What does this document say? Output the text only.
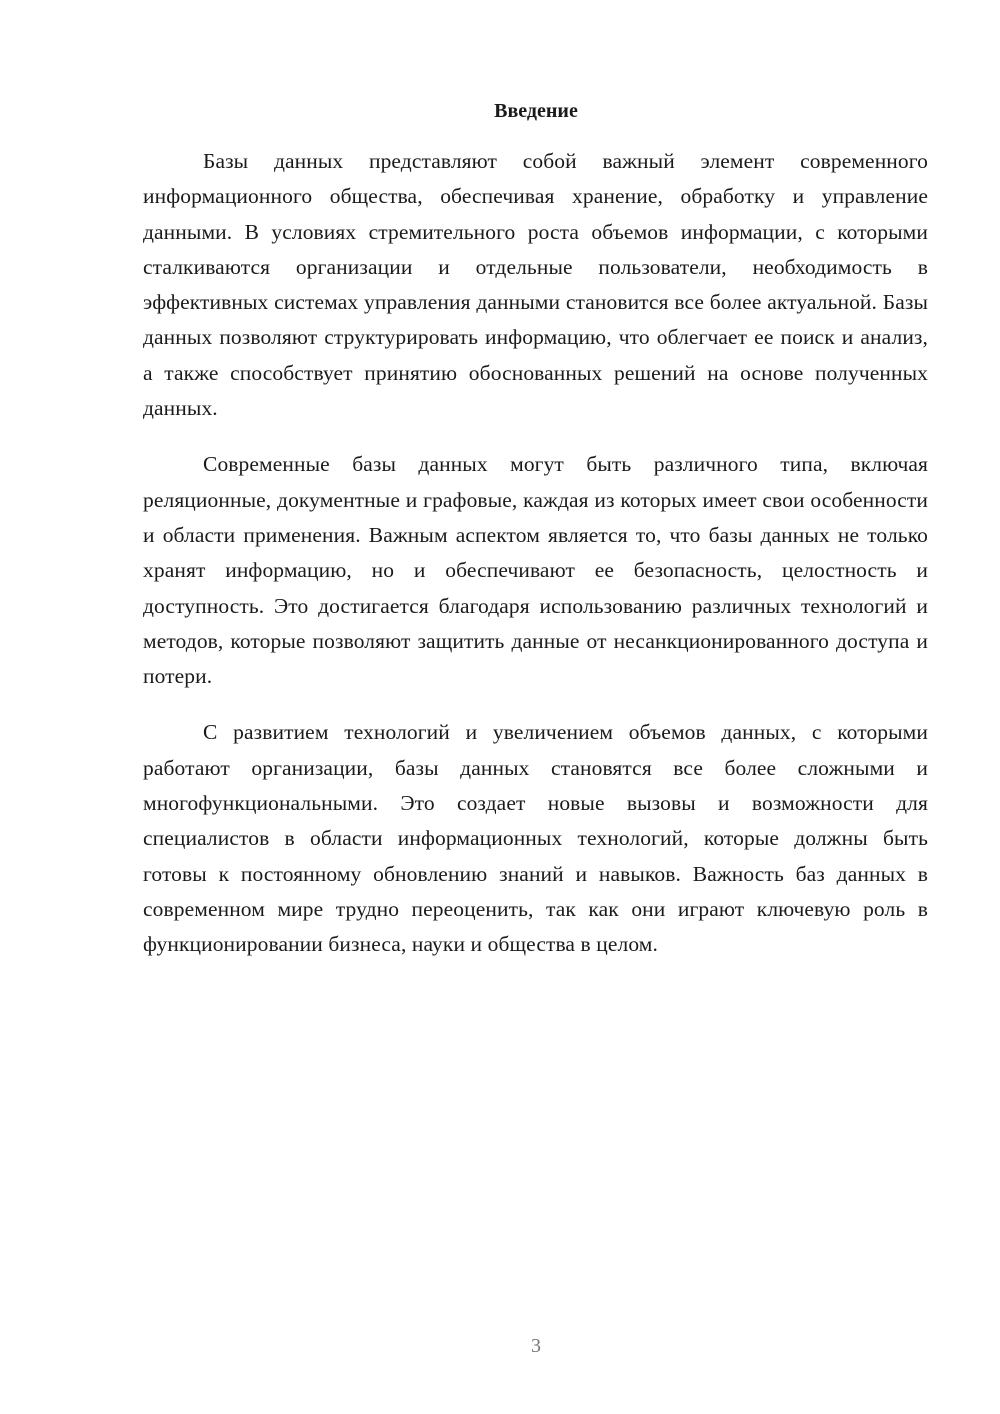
Введение

Базы данных представляют собой важный элемент современного информационного общества, обеспечивая хранение, обработку и управление данными. В условиях стремительного роста объемов информации, с которыми сталкиваются организации и отдельные пользователи, необходимость в эффективных системах управления данными становится все более актуальной. Базы данных позволяют структурировать информацию, что облегчает ее поиск и анализ, а также способствует принятию обоснованных решений на основе полученных данных.

Современные базы данных могут быть различного типа, включая реляционные, документные и графовые, каждая из которых имеет свои особенности и области применения. Важным аспектом является то, что базы данных не только хранят информацию, но и обеспечивают ее безопасность, целостность и доступность. Это достигается благодаря использованию различных технологий и методов, которые позволяют защитить данные от несанкционированного доступа и потери.

С развитием технологий и увеличением объемов данных, с которыми работают организации, базы данных становятся все более сложными и многофункциональными. Это создает новые вызовы и возможности для специалистов в области информационных технологий, которые должны быть готовы к постоянному обновлению знаний и навыков. Важность баз данных в современном мире трудно переоценить, так как они играют ключевую роль в функционировании бизнеса, науки и общества в целом.

3
